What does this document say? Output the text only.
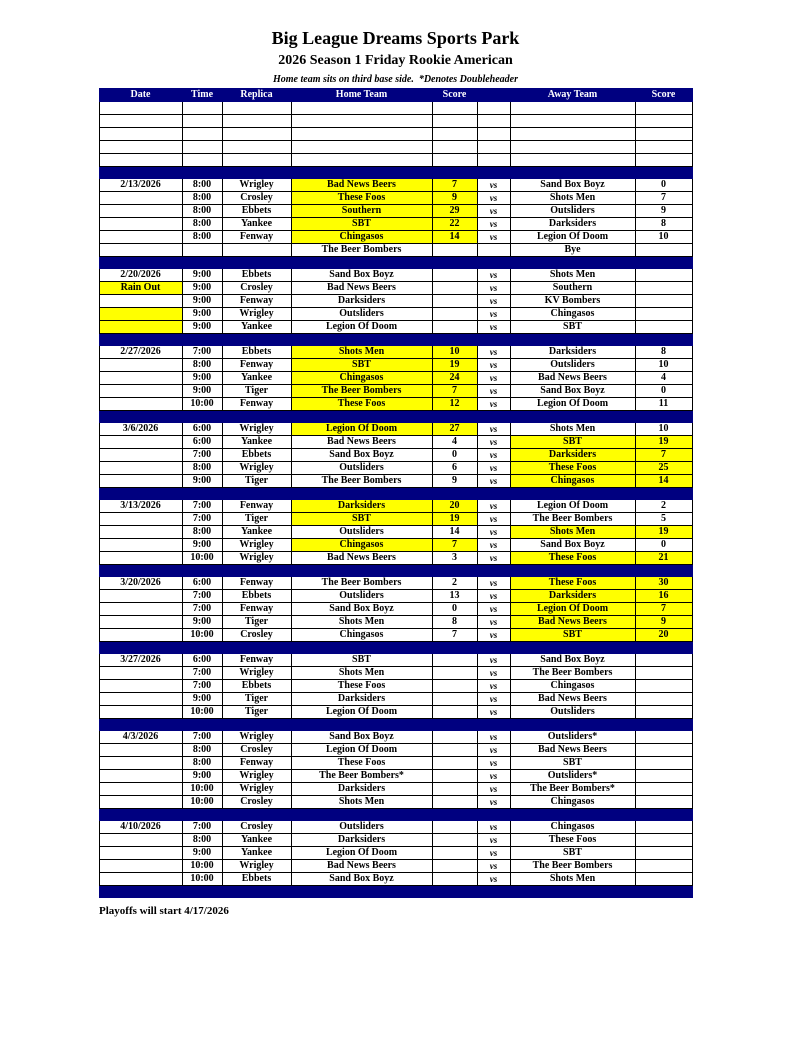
Big League Dreams Sports Park
2026 Season 1 Friday Rookie American
Home team sits on third base side.  *Denotes Doubleheader
Date	Time	Replica	Home Team	Score		Away Team	Score

2/13/2026	8:00	Wrigley	Bad News Beers	7	vs	Sand Box Boyz	0
	8:00	Crosley	These Foos	9	vs	Shots Men	7
	8:00	Ebbets	Southern	29	vs	Outsliders	9
	8:00	Yankee	SBT	22	vs	Darksiders	8
	8:00	Fenway	Chingasos	14	vs	Legion Of Doom	10
			The Beer Bombers			Bye	

2/20/2026	9:00	Ebbets	Sand Box Boyz		vs	Shots Men	
Rain Out	9:00	Crosley	Bad News Beers		vs	Southern	
	9:00	Fenway	Darksiders		vs	KV Bombers	
	9:00	Wrigley	Outsliders		vs	Chingasos	
	9:00	Yankee	Legion Of Doom		vs	SBT	

2/27/2026	7:00	Ebbets	Shots Men	10	vs	Darksiders	8
	8:00	Fenway	SBT	19	vs	Outsliders	10
	9:00	Yankee	Chingasos	24	vs	Bad News Beers	4
	9:00	Tiger	The Beer Bombers	7	vs	Sand Box Boyz	0
	10:00	Fenway	These Foos	12	vs	Legion Of Doom	11

3/6/2026	6:00	Wrigley	Legion Of Doom	27	vs	Shots Men	10
	6:00	Yankee	Bad News Beers	4	vs	SBT	19
	7:00	Ebbets	Sand Box Boyz	0	vs	Darksiders	7
	8:00	Wrigley	Outsliders	6	vs	These Foos	25
	9:00	Tiger	The Beer Bombers	9	vs	Chingasos	14

3/13/2026	7:00	Fenway	Darksiders	20	vs	Legion Of Doom	2
	7:00	Tiger	SBT	19	vs	The Beer Bombers	5
	8:00	Yankee	Outsliders	14	vs	Shots Men	19
	9:00	Wrigley	Chingasos	7	vs	Sand Box Boyz	0
	10:00	Wrigley	Bad News Beers	3	vs	These Foos	21

3/20/2026	6:00	Fenway	The Beer Bombers	2	vs	These Foos	30
	7:00	Ebbets	Outsliders	13	vs	Darksiders	16
	7:00	Fenway	Sand Box Boyz	0	vs	Legion Of Doom	7
	9:00	Tiger	Shots Men	8	vs	Bad News Beers	9
	10:00	Crosley	Chingasos	7	vs	SBT	20

3/27/2026	6:00	Fenway	SBT		vs	Sand Box Boyz	
	7:00	Wrigley	Shots Men		vs	The Beer Bombers	
	7:00	Ebbets	These Foos		vs	Chingasos	
	9:00	Tiger	Darksiders		vs	Bad News Beers	
	10:00	Tiger	Legion Of Doom		vs	Outsliders	

4/3/2026	7:00	Wrigley	Sand Box Boyz		vs	Outsliders*	
	8:00	Crosley	Legion Of Doom		vs	Bad News Beers	
	8:00	Fenway	These Foos		vs	SBT	
	9:00	Wrigley	The Beer Bombers*		vs	Outsliders*	
	10:00	Wrigley	Darksiders		vs	The Beer Bombers*	
	10:00	Crosley	Shots Men		vs	Chingasos	

4/10/2026	7:00	Crosley	Outsliders		vs	Chingasos	
	8:00	Yankee	Darksiders		vs	These Foos	
	9:00	Yankee	Legion Of Doom		vs	SBT	
	10:00	Wrigley	Bad News Beers		vs	The Beer Bombers	
	10:00	Ebbets	Sand Box Boyz		vs	Shots Men	

Playoffs will start 4/17/2026
